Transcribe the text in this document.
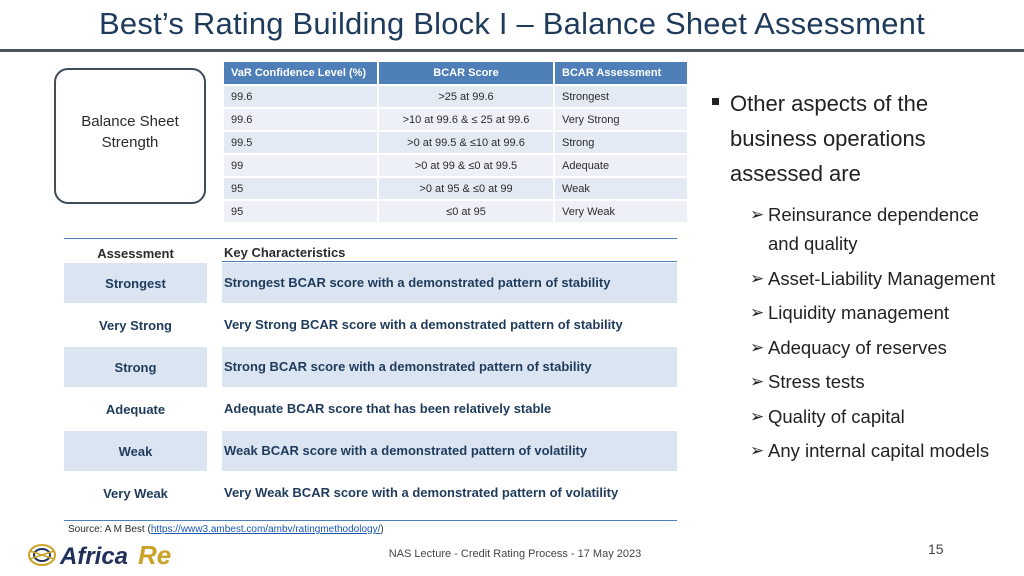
Best’s Rating Building Block I – Balance Sheet Assessment
Balance Sheet
Strength
VaR Confidence Level (%)	BCAR Score	BCAR Assessment
99.6	>25 at 99.6	Strongest
99.6	>10 at 99.6 & ≤ 25 at 99.6	Very Strong
99.5	>0 at 99.5 & ≤10 at 99.6	Strong
99	>0 at 99 & ≤0 at 99.5	Adequate
95	>0 at 95 & ≤0 at 99	Weak
95	≤0 at 95	Very Weak
Assessment	Key Characteristics
Strongest	Strongest BCAR score with a demonstrated pattern of stability
Very Strong	Very Strong BCAR score with a demonstrated pattern of stability
Strong	Strong BCAR score with a demonstrated pattern of stability
Adequate	Adequate BCAR score that has been relatively stable
Weak	Weak BCAR score with a demonstrated pattern of volatility
Very Weak	Very Weak BCAR score with a demonstrated pattern of volatility
Source: A M Best (https://www3.ambest.com/ambv/ratingmethodology/)
Other aspects of the business operations assessed are
➢ Reinsurance dependence and quality
➢ Asset-Liability Management
➢ Liquidity management
➢ Adequacy of reserves
➢ Stress tests
➢ Quality of capital
➢ Any internal capital models
Africa Re	NAS Lecture - Credit Rating Process - 17 May 2023	15
